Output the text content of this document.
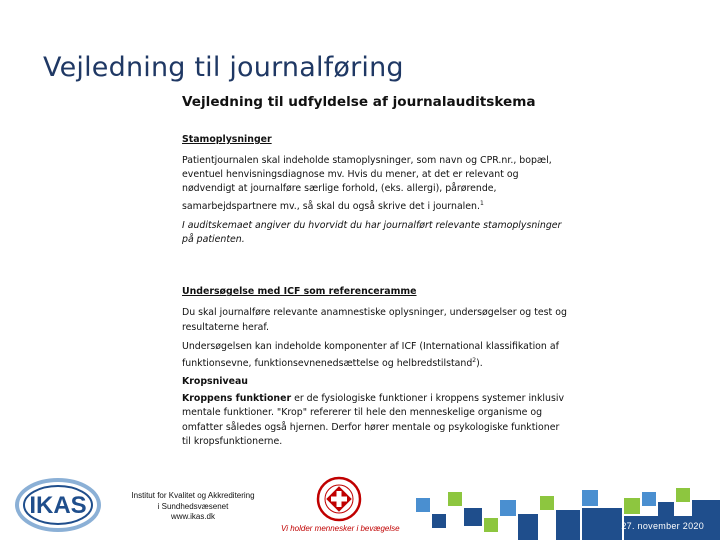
Vejledning til journalføring
Vejledning til udfyldelse af journalauditskema
Stamoplysninger
Patientjournalen skal indeholde stamoplysninger, som navn og CPR.nr., bopæl, eventuel henvisningsdiagnose mv. Hvis du mener, at det er relevant og nødvendigt at journalføre særlige forhold, (eks. allergi), pårørende, samarbejdspartnere mv., så skal du også skrive det i journalen.$^1$
I auditskemaet angiver du hvorvidt du har journalført relevante stamoplysninger på patienten.
Undersøgelse med ICF som referenceramme
Du skal journalføre relevante anamnestiske oplysninger, undersøgelser og test og resultaterne heraf.
Undersøgelsen kan indeholde komponenter af ICF (International klassifikation af funktionsevne, funktionsevnenedsættelse og helbredstilstand$^2$).
Kropsniveau
Kroppens funktioner er de fysiologiske funktioner i kroppens systemer inklusiv mentale funktioner. "Krop" refererer til hele den menneskelige organisme og omfatter således også hjernen. Derfor hører mentale og psykologiske funktioner til kropsfunktionerne.
IKAS	Institut for Kvalitet og Akkreditering
i Sundhedsvæsenet
www.ikas.dk
Vi holder mennesker i bevægelse	27. november 2020
